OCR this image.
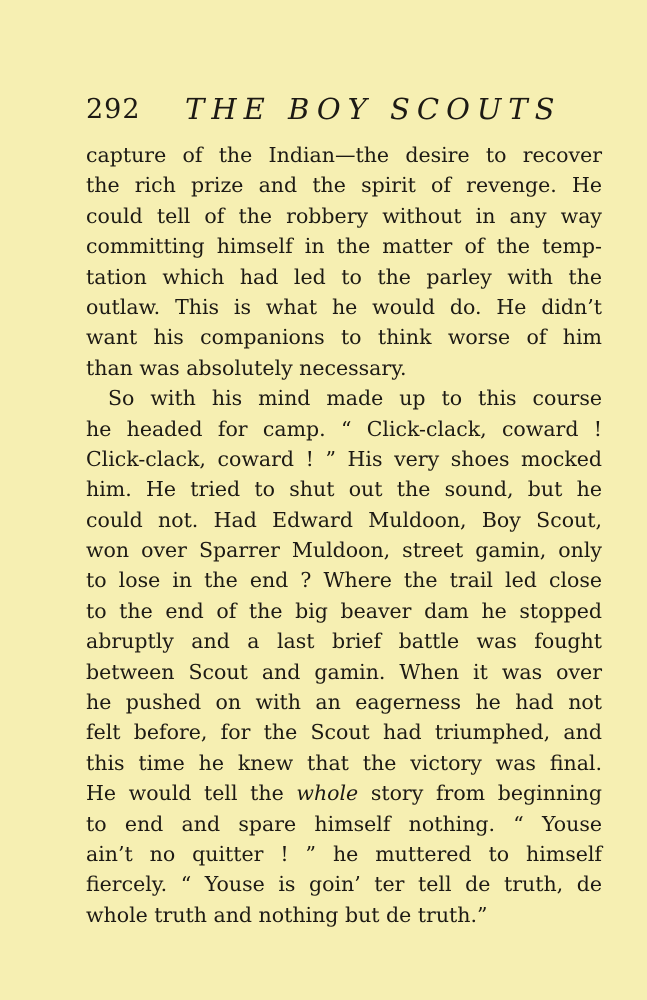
292 THE BOY SCOUTS
capture of the Indian—the desire to recover
the rich prize and the spirit of revenge. He
could tell of the robbery without in any way
committing himself in the matter of the temp-
tation which had led to the parley with the
outlaw. This is what he would do. He didn’t
want his companions to think worse of him
than was absolutely necessary.
So with his mind made up to this course
he headed for camp. “ Click-clack, coward !
Click-clack, coward ! ” His very shoes mocked
him. He tried to shut out the sound, but he
could not. Had Edward Muldoon, Boy Scout,
won over Sparrer Muldoon, street gamin, only
to lose in the end ? Where the trail led close
to the end of the big beaver dam he stopped
abruptly and a last brief battle was fought
between Scout and gamin. When it was over
he pushed on with an eagerness he had not
felt before, for the Scout had triumphed, and
this time he knew that the victory was final.
He would tell the whole story from beginning
to end and spare himself nothing. “ Youse
ain’t no quitter ! ” he muttered to himself
fiercely. “ Youse is goin’ ter tell de truth, de
whole truth and nothing but de truth.”
